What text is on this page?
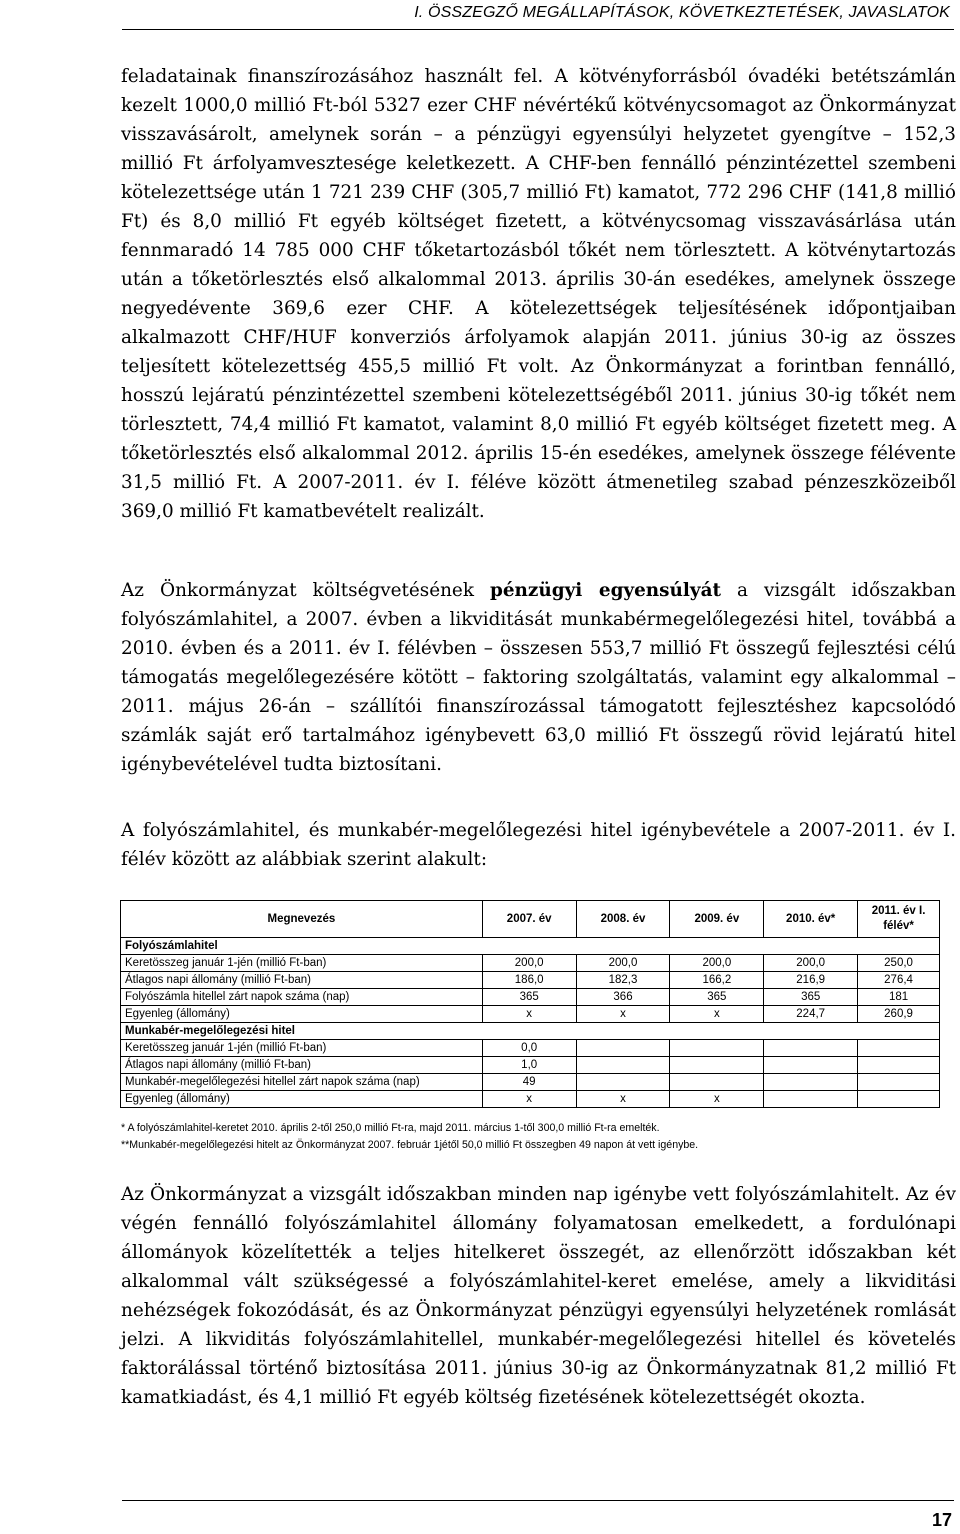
I. ÖSSZEGZŐ MEGÁLLAPÍTÁSOK, KÖVETKEZTETÉSEK, JAVASLATOK

feladatainak finanszírozásához használt fel. A kötvényforrásból óvadéki betétszámlán kezelt 1000,0 millió Ft-ból 5327 ezer CHF névértékű kötvénycsomagot az Önkormányzat visszavásárolt, amelynek során – a pénzügyi egyensúlyi helyzetet gyengítve – 152,3 millió Ft árfolyamvesztesége keletkezett. A CHF-ben fennálló pénzintézettel szembeni kötelezettsége után 1 721 239 CHF (305,7 millió Ft) kamatot, 772 296 CHF (141,8 millió Ft) és 8,0 millió Ft egyéb költséget fizetett, a kötvénycsomag visszavásárlása után fennmaradó 14 785 000 CHF tőketartozásból tőkét nem törlesztett. A kötvénytartozás után a tőketörlesztés első alkalommal 2013. április 30-án esedékes, amelynek összege negyedévente 369,6 ezer CHF. A kötelezettségek teljesítésének időpontjaiban alkalmazott CHF/HUF konverziós árfolyamok alapján 2011. június 30-ig az összes teljesített kötelezettség 455,5 millió Ft volt. Az Önkormányzat a forintban fennálló, hosszú lejáratú pénzintézettel szembeni kötelezettségéből 2011. június 30-ig tőkét nem törlesztett, 74,4 millió Ft kamatot, valamint 8,0 millió Ft egyéb költséget fizetett meg. A tőketörlesztés első alkalommal 2012. április 15-én esedékes, amelynek összege félévente 31,5 millió Ft. A 2007-2011. év I. féléve között átmenetileg szabad pénzeszközeiből 369,0 millió Ft kamatbevételt realizált.

Az Önkormányzat költségvetésének pénzügyi egyensúlyát a vizsgált időszakban folyószámlahitel, a 2007. évben a likviditását munkabérmegelőlegezési hitel, továbbá a 2010. évben és a 2011. év I. félévben – összesen 553,7 millió Ft összegű fejlesztési célú támogatás megelőlegezésére kötött – faktoring szolgáltatás, valamint egy alkalommal – 2011. május 26-án – szállítói finanszírozással támogatott fejlesztéshez kapcsolódó számlák saját erő tartalmához igénybevett 63,0 millió Ft összegű rövid lejáratú hitel igénybevételével tudta biztosítani.

A folyószámlahitel, és munkabér-megelőlegezési hitel igénybevétele a 2007-2011. év I. félév között az alábbiak szerint alakult:

Megnevezés	2007. év	2008. év	2009. év	2010. év*	2011. év I. félév*
Folyószámlahitel					
Keretösszeg január 1-jén (millió Ft-ban)	200,0	200,0	200,0	200,0	250,0
Átlagos napi állomány (millió Ft-ban)	186,0	182,3	166,2	216,9	276,4
Folyószámla hitellel zárt napok száma (nap)	365	366	365	365	181
Egyenleg (állomány)	x	x	x	224,7	260,9
Munkabér-megelőlegezési hitel					
Keretösszeg január 1-jén (millió Ft-ban)	0,0				
Átlagos napi állomány (millió Ft-ban)	1,0				
Munkabér-megelőlegezési hitellel zárt napok száma (nap)	49				
Egyenleg (állomány)	x	x	x		
* A folyószámlahitel-keretet 2010. április 2-től 250,0 millió Ft-ra, majd 2011. március 1-től 300,0 millió Ft-ra emelték.
**Munkabér-megelőlegezési hitelt az Önkormányzat 2007. február 1jétől 50,0 millió Ft összegben 49 napon át vett igénybe.

Az Önkormányzat a vizsgált időszakban minden nap igénybe vett folyószámlahitelt. Az év végén fennálló folyószámlahitel állomány folyamatosan emelkedett, a fordulónapi állományok közelítették a teljes hitelkeret összegét, az ellenőrzött időszakban két alkalommal vált szükségessé a folyószámlahitel-keret emelése, amely a likviditási nehézségek fokozódását, és az Önkormányzat pénzügyi egyensúlyi helyzetének romlását jelzi. A likviditás folyószámlahitellel, munkabér-megelőlegezési hitellel és követelés faktorálással történő biztosítása 2011. június 30-ig az Önkormányzatnak 81,2 millió Ft kamatkiadást, és 4,1 millió Ft egyéb költség fizetésének kötelezettségét okozta.

17
